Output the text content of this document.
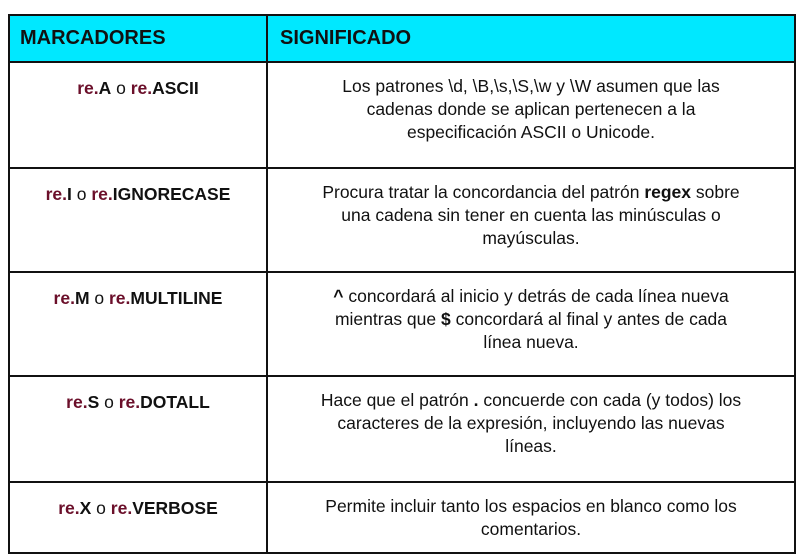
MARCADORES	SIGNIFICADO
re.A o re.ASCII	Los patrones \d, \B,\s,\S,\w y \W asumen que las
cadenas donde se aplican pertenecen a la
especificación ASCII o Unicode.

re.I o re.IGNORECASE	Procura tratar la concordancia del patrón regex sobre
una cadena sin tener en cuenta las minúsculas o
mayúsculas.

re.M o re.MULTILINE	^ concordará al inicio y detrás de cada línea nueva
mientras que $ concordará al final y antes de cada
línea nueva.

re.S o re.DOTALL	Hace que el patrón . concuerde con cada (y todos) los
caracteres de la expresión, incluyendo las nuevas
líneas.

re.X o re.VERBOSE	Permite incluir tanto los espacios en blanco como los
comentarios.
